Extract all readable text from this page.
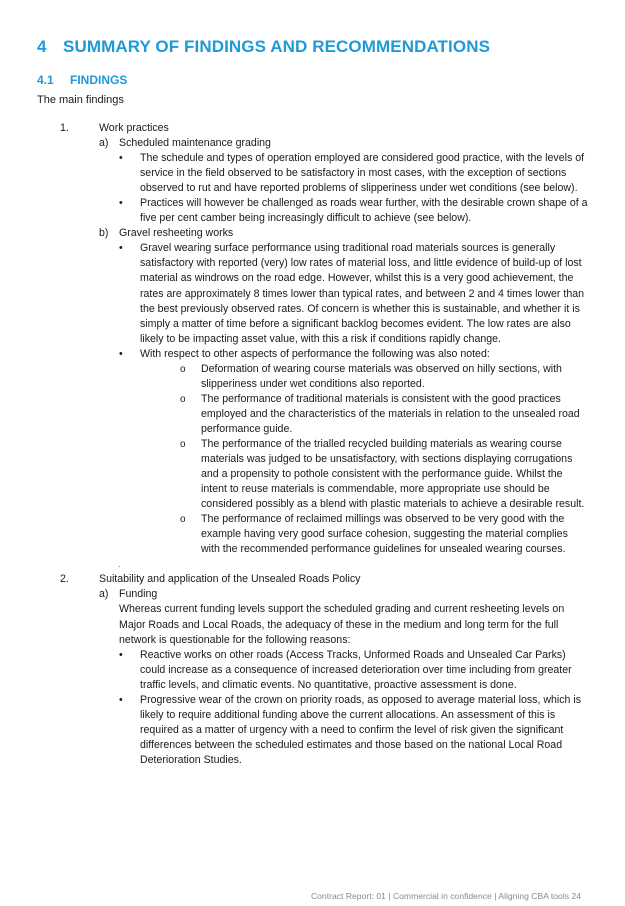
4 SUMMARY OF FINDINGS AND RECOMMENDATIONS
4.1 FINDINGS
The main findings
1.	Work practices
a) Scheduled maintenance grading
• The schedule and types of operation employed are considered good practice, with the levels of service in the field observed to be satisfactory in most cases, with the exception of sections observed to rut and have reported problems of slipperiness under wet conditions (see below).
• Practices will however be challenged as roads wear further, with the desirable crown shape of a five per cent camber being increasingly difficult to achieve (see below).
b) Gravel resheeting works
• Gravel wearing surface performance using traditional road materials sources is generally satisfactory with reported (very) low rates of material loss, and little evidence of build-up of lost material as windrows on the road edge. However, whilst this is a very good achievement, the rates are approximately 8 times lower than typical rates, and between 2 and 4 times lower than the best previously observed rates. Of concern is whether this is sustainable, and whether it is simply a matter of time before a significant backlog becomes evident. The low rates are also likely to be impacting asset value, with this a risk if conditions rapidly change.
• With respect to other aspects of performance the following was also noted:
o Deformation of wearing course materials was observed on hilly sections, with slipperiness under wet conditions also reported.
o The performance of traditional materials is consistent with the good practices employed and the characteristics of the materials in relation to the unsealed road performance guide.
o The performance of the trialled recycled building materials as wearing course materials was judged to be unsatisfactory, with sections displaying corrugations and a propensity to pothole consistent with the performance guide. Whilst the intent to reuse materials is commendable, more appropriate use should be considered possibly as a blend with plastic materials to achieve a desirable result.
o The performance of reclaimed millings was observed to be very good with the example having very good surface cohesion, suggesting the material complies with the recommended performance guidelines for unsealed wearing courses.
.
2.	Suitability and application of the Unsealed Roads Policy
a) Funding
Whereas current funding levels support the scheduled grading and current resheeting levels on Major Roads and Local Roads, the adequacy of these in the medium and long term for the full network is questionable for the following reasons:
• Reactive works on other roads (Access Tracks, Unformed Roads and Unsealed Car Parks) could increase as a consequence of increased deterioration over time including from greater traffic levels, and climatic events. No quantitative, proactive assessment is done.
• Progressive wear of the crown on priority roads, as opposed to average material loss, which is likely to require additional funding above the current allocations. An assessment of this is required as a matter of urgency with a need to confirm the level of risk given the significant differences between the scheduled estimates and those based on the national Local Road Deterioration Studies.
Contract Report: 01 | Commercial in confidence | Aligning CBA tools 24
